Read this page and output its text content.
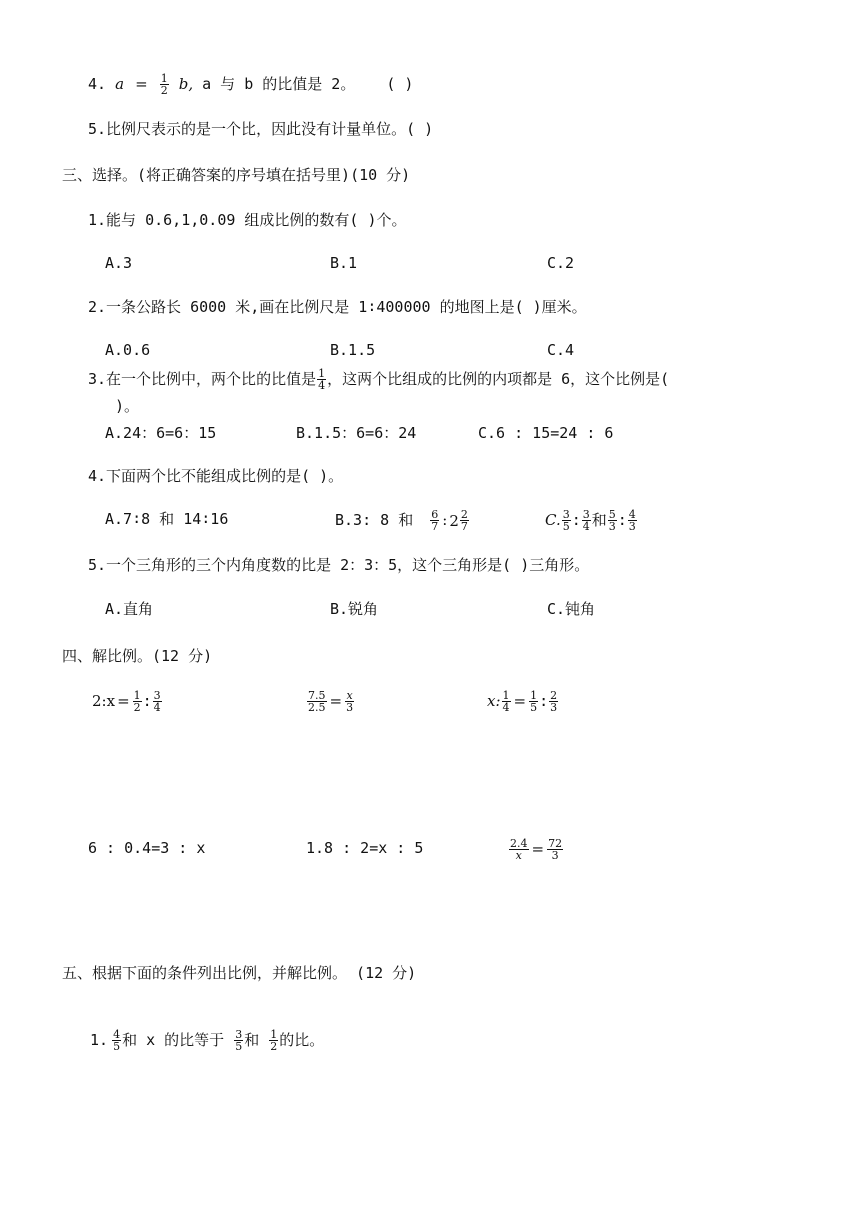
4. $a = \frac{1}{2} b$, a 与 b 的比值是 2。 ( )
5.比例尺表示的是一个比，因此没有计量单位。( )
三、选择。(将正确答案的序号填在括号里)(10 分)
1.能与 0.6,1,0.09 组成比例的数有( )个。
A.3	B.1	C.2
2.一条公路长 6000 米,画在比例尺是 1∶400000 的地图上是( )厘米。
A.0.6	B.1.5	C.4
3.在一个比例中，两个比的比值是 $\frac{1}{4}$ ，这两个比组成的比例的内项都是 6，这个比例是(
)。
A.24：6=6：15	B.1.5：6=6：24	C.6 : 15=24 : 6
4.下面两个比不能组成比例的是( )。
A.7∶8 和 14∶16	B.3: 8 和 $\frac{6}{7}$ : $2 \frac{2}{7}$	C. $\frac{3}{5}$ : $\frac{3}{4}$ 和 $\frac{5}{3}$ : $\frac{4}{3}$
5.一个三角形的三个内角度数的比是 2：3：5，这个三角形是( )三角形。
A.直角	B.锐角	C.钝角
四、解比例。(12 分)
2:x = $\frac{1}{2}$ : $\frac{3}{4}$	$\frac{7.5}{2.5} = \frac{x}{3}$	x: $\frac{1}{4} = \frac{1}{5}$ : $\frac{2}{3}$
6 : 0.4=3 : x	1.8 : 2=x : 5	$\frac{2.4}{x} = \frac{72}{3}$
五、根据下面的条件列出比例，并解比例。 (12 分)
1. $\frac{4}{5}$ 和 x 的比等于 $\frac{3}{5}$ 和 $\frac{1}{2}$ 的比。
